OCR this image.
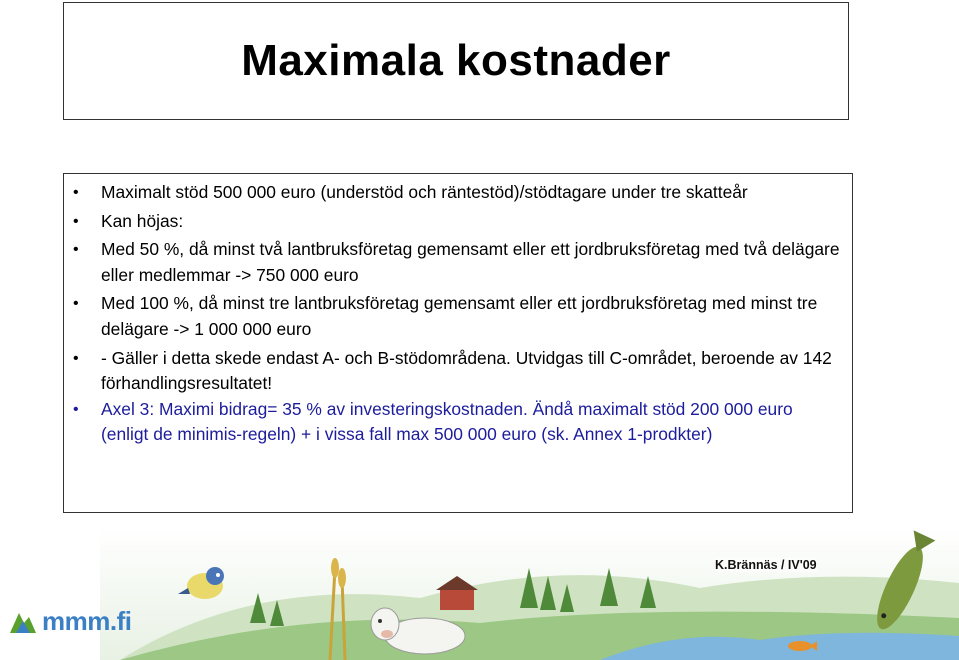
Maximala kostnader
• Maximalt stöd 500 000 euro (understöd och räntestöd)/stödtagare under tre skatteår
• Kan höjas:
• Med 50 %, då minst två lantbruksföretag gemensamt eller ett jordbruksföretag med två delägare eller medlemmar -> 750 000 euro
• Med 100 %, då minst tre lantbruksföretag gemensamt eller ett jordbruksföretag med minst tre delägare -> 1 000 000 euro
• - Gäller i detta skede endast A- och B-stödområdena. Utvidgas till C-området, beroende av 142 förhandlingsresultatet!
• Axel 3: Maximi bidrag= 35 % av investeringskostnaden. Ändå maximalt stöd 200 000 euro (enligt de minimis-regeln) + i vissa fall max 500 000 euro (sk. Annex 1-prodkter)
K.Brännäs / IV'09
mmm.fi
